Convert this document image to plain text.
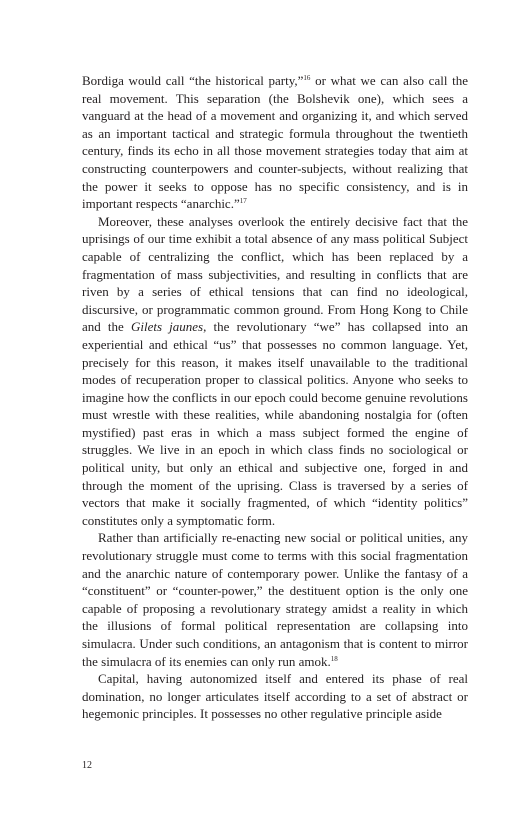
Bordiga would call “the historical party,”$^{16}$ or what we can also call the real movement. This separation (the Bolshevik one), which sees a vanguard at the head of a movement and organizing it, and which served as an important tactical and strategic formula throughout the twentieth century, finds its echo in all those movement strategies today that aim at constructing counterpowers and counter-subjects, without realizing that the power it seeks to oppose has no specific consistency, and is in important respects “anarchic.”$^{17}$

Moreover, these analyses overlook the entirely decisive fact that the uprisings of our time exhibit a total absence of any mass political Subject capable of centralizing the conflict, which has been replaced by a fragmentation of mass subjectivities, and resulting in conflicts that are riven by a series of ethical tensions that can find no ideological, discursive, or programmatic common ground. From Hong Kong to Chile and the Gilets jaunes, the revolutionary “we” has collapsed into an experiential and ethical “us” that possesses no common language. Yet, precisely for this reason, it makes itself unavailable to the traditional modes of recuperation proper to classical politics. Anyone who seeks to imagine how the conflicts in our epoch could become genuine revolutions must wrestle with these realities, while abandoning nostalgia for (often mystified) past eras in which a mass subject formed the engine of struggles. We live in an epoch in which class finds no sociological or political unity, but only an ethical and subjective one, forged in and through the moment of the uprising. Class is traversed by a series of vectors that make it socially fragmented, of which “identity politics” constitutes only a symptomatic form.

Rather than artificially re-enacting new social or political unities, any revolutionary struggle must come to terms with this social fragmentation and the anarchic nature of contemporary power. Unlike the fantasy of a “constituent” or “counter-power,” the destituent option is the only one capable of proposing a revolutionary strategy amidst a reality in which the illusions of formal political representation are collapsing into simulacra. Under such conditions, an antagonism that is content to mirror the simulacra of its enemies can only run amok.$^{18}$

Capital, having autonomized itself and entered its phase of real domination, no longer articulates itself according to a set of abstract or hegemonic principles. It possesses no other regulative principle aside

12
